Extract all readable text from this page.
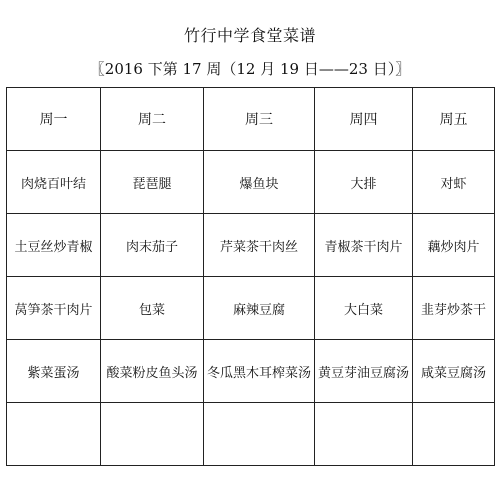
竹行中学食堂菜谱
〖2016 下第 17 周（12 月 19 日——23 日）〗
周一	周二	周三	周四	周五
肉烧百叶结	琵琶腿	爆鱼块	大排	对虾
土豆丝炒青椒	肉末茄子	芹菜茶干肉丝	青椒茶干肉片	藕炒肉片
莴笋茶干肉片	包菜	麻辣豆腐	大白菜	韭芽炒茶干
紫菜蛋汤	酸菜粉皮鱼头汤	冬瓜黑木耳榨菜汤	黄豆芽油豆腐汤	咸菜豆腐汤
